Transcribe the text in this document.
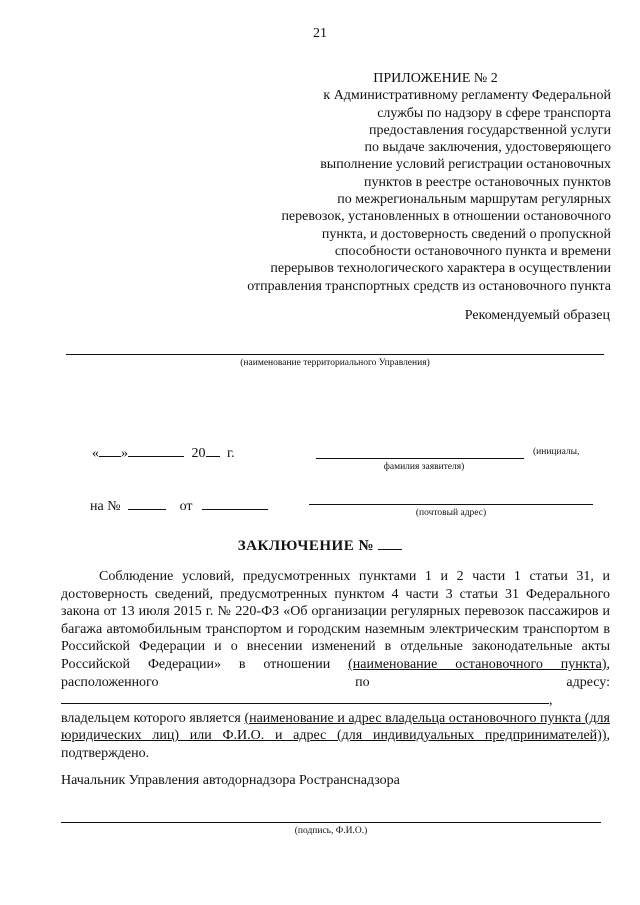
21
ПРИЛОЖЕНИЕ № 2
к Административному регламенту Федеральной
службы по надзору в сфере транспорта
предоставления государственной услуги
по выдаче заключения, удостоверяющего
выполнение условий регистрации остановочных
пунктов в реестре остановочных пунктов
по межрегиональным маршрутам регулярных
перевозок, установленных в отношении остановочного
пункта, и достоверность сведений о пропускной
способности остановочного пункта и времени
перерывов технологического характера в осуществлении
отправления транспортных средств из остановочного пункта
Рекомендуемый образец
(наименование территориального Управления)
« »	20 г.	(инициалы,
фамилия заявителя)
на №	от	(почтовый адрес)
ЗАКЛЮЧЕНИЕ №

Соблюдение условий, предусмотренных пунктами 1 и 2 части 1 статьи 31, и достоверность сведений, предусмотренных пунктом 4 части 3 статьи 31 Федерального закона от 13 июля 2015 г. № 220-ФЗ «Об организации регулярных перевозок пассажиров и багажа автомобильным транспортом и городским наземным электрическим транспортом в Российской Федерации и о внесении изменений в отдельные законодательные акты Российской Федерации» в отношении (наименование остановочного пункта), расположенного по адресу:, владельцем которого является (наименование и адрес владельца остановочного пункта (для юридических лиц) или Ф.И.О. и адрес (для индивидуальных предпринимателей)), подтверждено.

Начальник Управления автодорнадзора Ространснадзора
(подпись, Ф.И.О.)
